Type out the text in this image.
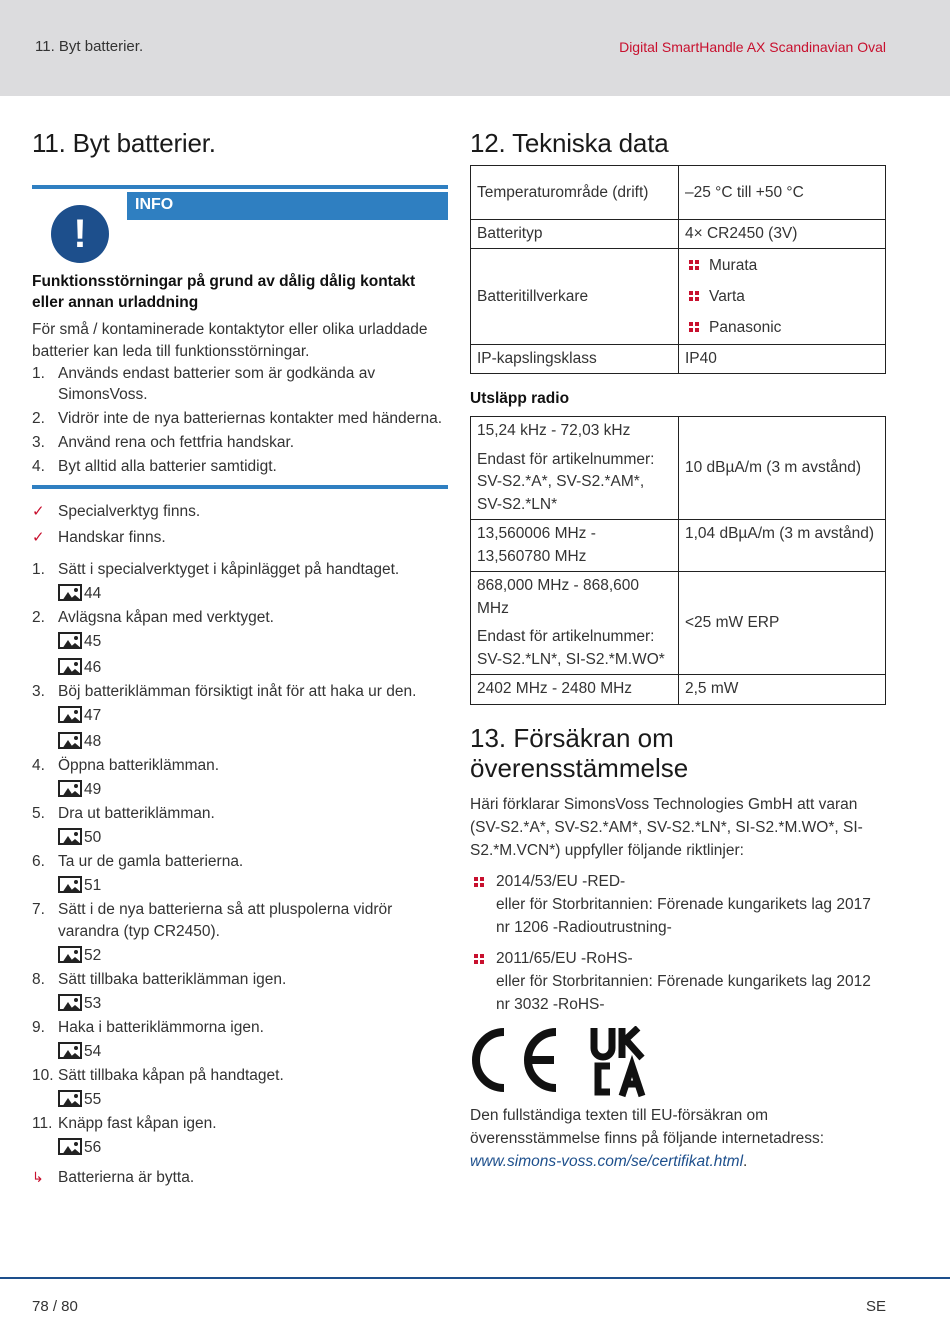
11. Byt batterier.	Digital SmartHandle AX Scandinavian Oval
11. Byt batterier.
INFO
!
Funktionsstörningar på grund av dålig dålig kontakt eller annan urladdning
För små / kontaminerade kontaktytor eller olika urladdade batterier kan leda till funktionsstörningar.
1. Används endast batterier som är godkända av SimonsVoss.
2. Vidrör inte de nya batteriernas kontakter med händerna.
3. Använd rena och fettfria handskar.
4. Byt alltid alla batterier samtidigt.
✓ Specialverktyg finns.
✓ Handskar finns.
1. Sätt i specialverktyget i kåpinlägget på handtaget.
44
2. Avlägsna kåpan med verktyget.
45
46
3. Böj batteriklämman försiktigt inåt för att haka ur den.
47
48
4. Öppna batteriklämman.
49
5. Dra ut batteriklämman.
50
6. Ta ur de gamla batterierna.
51
7. Sätt i de nya batterierna så att pluspolerna vidrör varandra (typ CR2450).
52
8. Sätt tillbaka batteriklämman igen.
53
9. Haka i batteriklämmorna igen.
54
10. Sätt tillbaka kåpan på handtaget.
55
11. Knäpp fast kåpan igen.
56
↳ Batterierna är bytta.
12. Tekniska data
Temperaturområde (drift)	–25 °C till +50 °C
Batterityp	4× CR2450 (3V)
Batteritillverkare	Murata
Varta
Panasonic

IP-kapslingsklass	IP40
Utsläpp radio
15,24 kHz - 72,03 kHz
Endast för artikelnummer: SV-S2.*A*, SV-S2.*AM*, SV-S2.*LN*	10 dBµA/m (3 m avstånd)
13,560006 MHz - 13,560780 MHz	1,04 dBµA/m (3 m avstånd)

868,000 MHz - 868,600 MHz
Endast för artikelnummer: SV-S2.*LN*, SI-S2.*M.WO*	<25 mW ERP
2402 MHz - 2480 MHz	2,5 mW
13. Försäkran om överensstämmelse
Häri förklarar SimonsVoss Technologies GmbH att varan (SV-S2.*A*, SV-S2.*AM*, SV-S2.*LN*, SI-S2.*M.WO*, SI-S2.*M.VCN*) uppfyller följande riktlinjer:
2014/53/EU -RED-
eller för Storbritannien: Förenade kungarikets lag 2017 nr 1206 -Radioutrustning-
2011/65/EU -RoHS-
eller för Storbritannien: Förenade kungarikets lag 2012 nr 3032 -RoHS-
Den fullständiga texten till EU-försäkran om överensstämmelse finns på följande internetadress: www.simons-voss.com/se/certifikat.html.
78 / 80	SE
